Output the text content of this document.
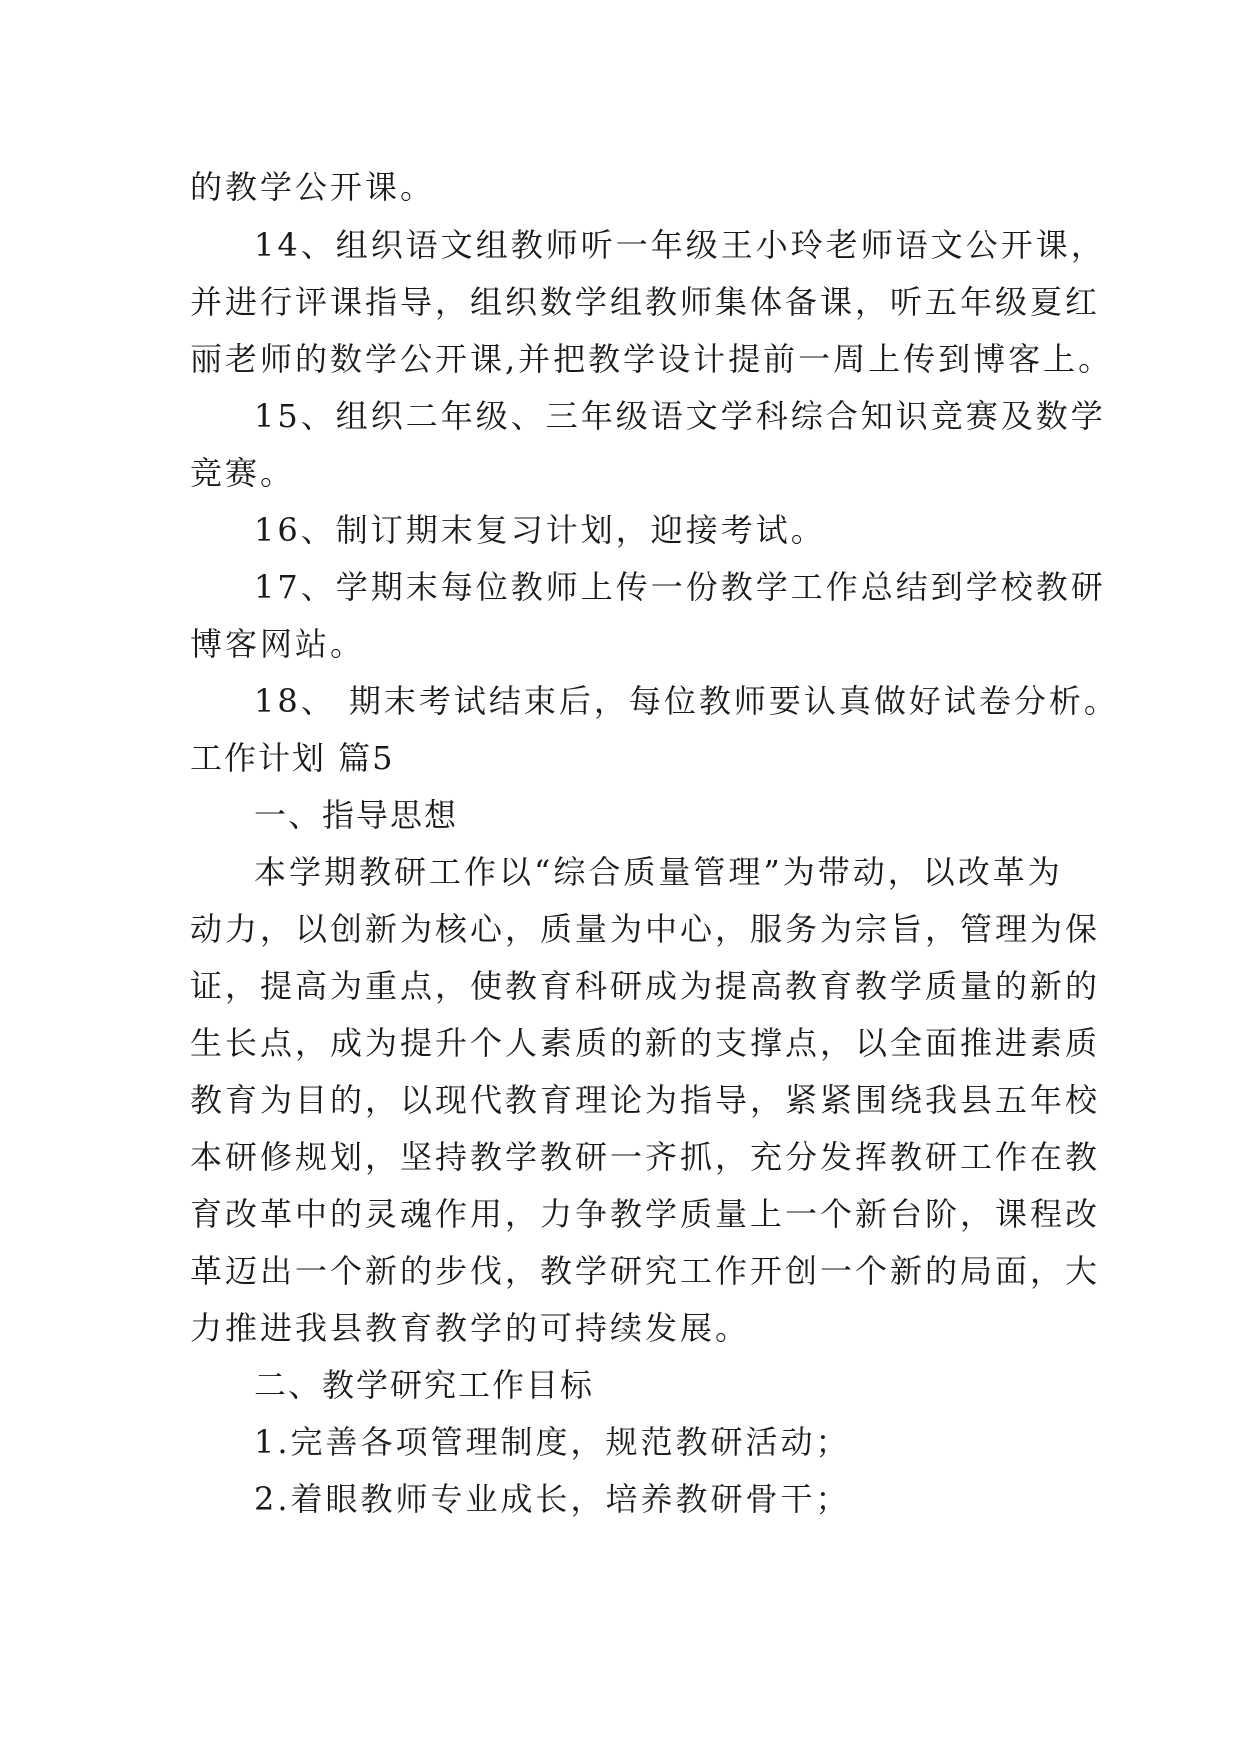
的教学公开课。
14、组织语文组教师听一年级王小玲老师语文公开课，
并进行评课指导，组织数学组教师集体备课，听五年级夏红
丽老师的数学公开课,并把教学设计提前一周上传到博客上。
15、组织二年级、三年级语文学科综合知识竞赛及数学
竞赛。
16、制订期末复习计划，迎接考试。
17、学期末每位教师上传一份教学工作总结到学校教研
博客网站。
18、 期末考试结束后，每位教师要认真做好试卷分析。
工作计划 篇5
一、指导思想
本学期教研工作以“综合质量管理”为带动，以改革为
动力，以创新为核心，质量为中心，服务为宗旨，管理为保
证，提高为重点，使教育科研成为提高教育教学质量的新的
生长点，成为提升个人素质的新的支撑点，以全面推进素质
教育为目的，以现代教育理论为指导，紧紧围绕我县五年校
本研修规划，坚持教学教研一齐抓，充分发挥教研工作在教
育改革中的灵魂作用，力争教学质量上一个新台阶，课程改
革迈出一个新的步伐，教学研究工作开创一个新的局面，大
力推进我县教育教学的可持续发展。
二、教学研究工作目标
1.完善各项管理制度，规范教研活动；
2.着眼教师专业成长，培养教研骨干；
